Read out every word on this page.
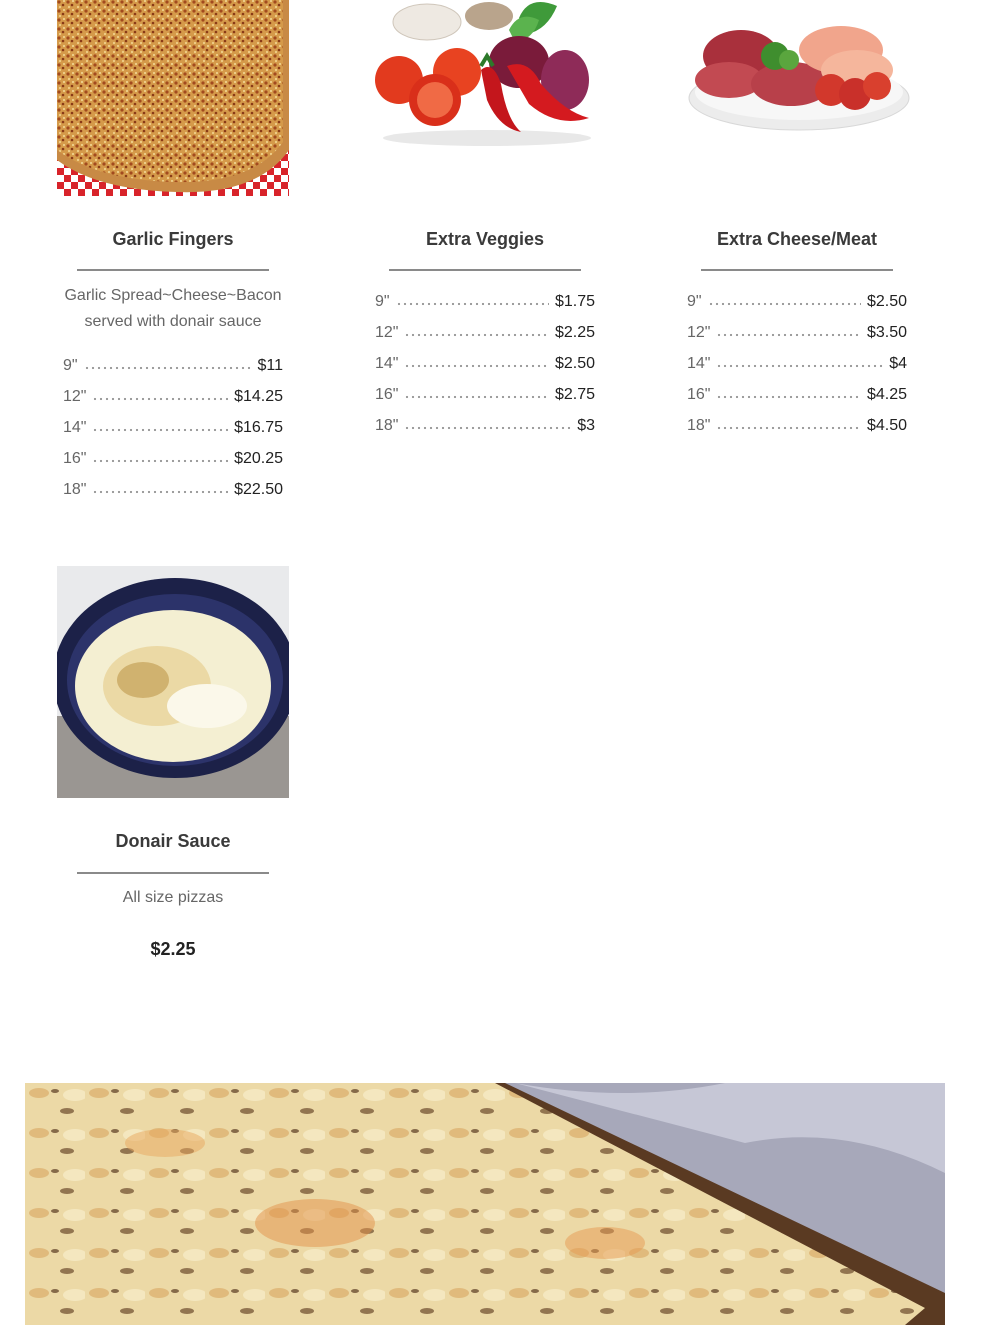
Garlic Fingers
Garlic Spread~Cheese~Bacon
served with donair sauce
9"	$11
12"	$14.25
14"	$16.75
16"	$20.25
18"	$22.50
Extra Veggies
9"	$1.75
12"	$2.25
14"	$2.50
16"	$2.75
18"	$3
Extra Cheese/Meat
9"	$2.50
12"	$3.50
14"	$4
16"	$4.25
18"	$4.50
Donair Sauce
All size pizzas
$2.25
